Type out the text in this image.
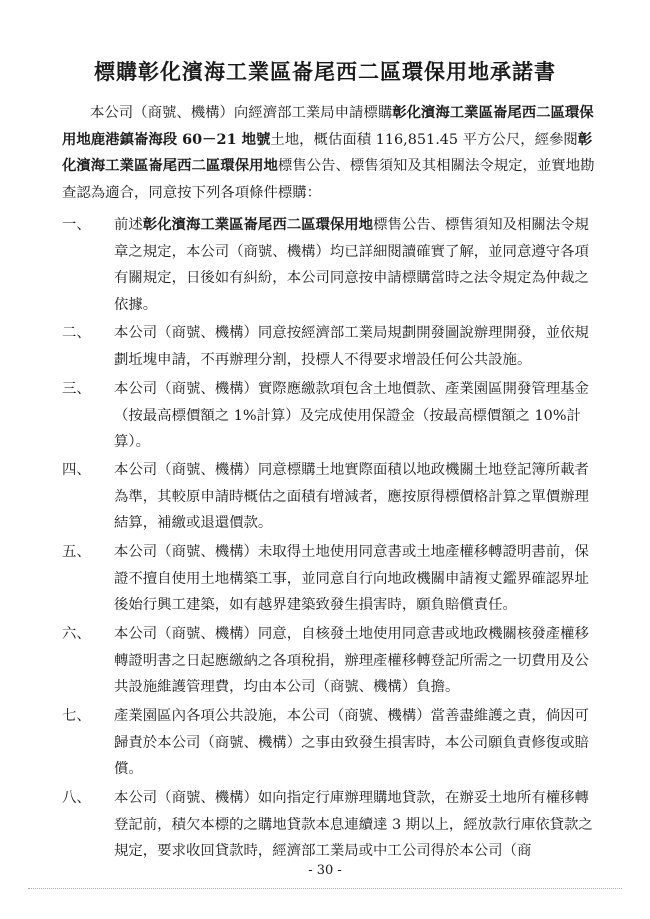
標購彰化濱海工業區崙尾西二區環保用地承諾書

本公司（商號、機構）向經濟部工業局申請標購彰化濱海工業區崙尾西二區環保用地鹿港鎮崙海段 60－21 地號土地，概估面積 116,851.45 平方公尺，經參閱彰化濱海工業區崙尾西二區環保用地標售公告、標售須知及其相關法令規定，並實地勘查認為適合，同意按下列各項條件標購：

一、	前述彰化濱海工業區崙尾西二區環保用地標售公告、標售須知及相關法令規章之規定，本公司（商號、機構）均已詳細閱讀確實了解，並同意遵守各項有關規定，日後如有糾紛，本公司同意按申請標購當時之法令規定為仲裁之依據。

二、	本公司（商號、機構）同意按經濟部工業局規劃開發圖說辦理開發，並依規劃坵塊申請，不再辦理分割，投標人不得要求增設任何公共設施。

三、	本公司（商號、機構）實際應繳款項包含土地價款、產業園區開發管理基金（按最高標價額之 1%計算）及完成使用保證金（按最高標價額之 10%計算）。

四、	本公司（商號、機構）同意標購土地實際面積以地政機關土地登記簿所載者為準，其較原申請時概估之面積有增減者，應按原得標價格計算之單價辦理結算，補繳或退還價款。

五、	本公司（商號、機構）未取得土地使用同意書或土地產權移轉證明書前，保證不擅自使用土地構築工事，並同意自行向地政機關申請複丈鑑界確認界址後始行興工建築，如有越界建築致發生損害時，願負賠償責任。

六、	本公司（商號、機構）同意，自核發土地使用同意書或地政機關核發產權移轉證明書之日起應繳納之各項稅捐，辦理產權移轉登記所需之一切費用及公共設施維護管理費，均由本公司（商號、機構）負擔。

七、	產業園區內各項公共設施，本公司（商號、機構）當善盡維護之責，倘因可歸責於本公司（商號、機構）之事由致發生損害時，本公司願負責修復或賠償。

八、	本公司（商號、機構）如向指定行庫辦理購地貸款，在辦妥土地所有權移轉登記前，積欠本標的之購地貸款本息連續達 3 期以上，經放款行庫依貸款之規定，要求收回貸款時，經濟部工業局或中工公司得於本公司（商

- 30 -
